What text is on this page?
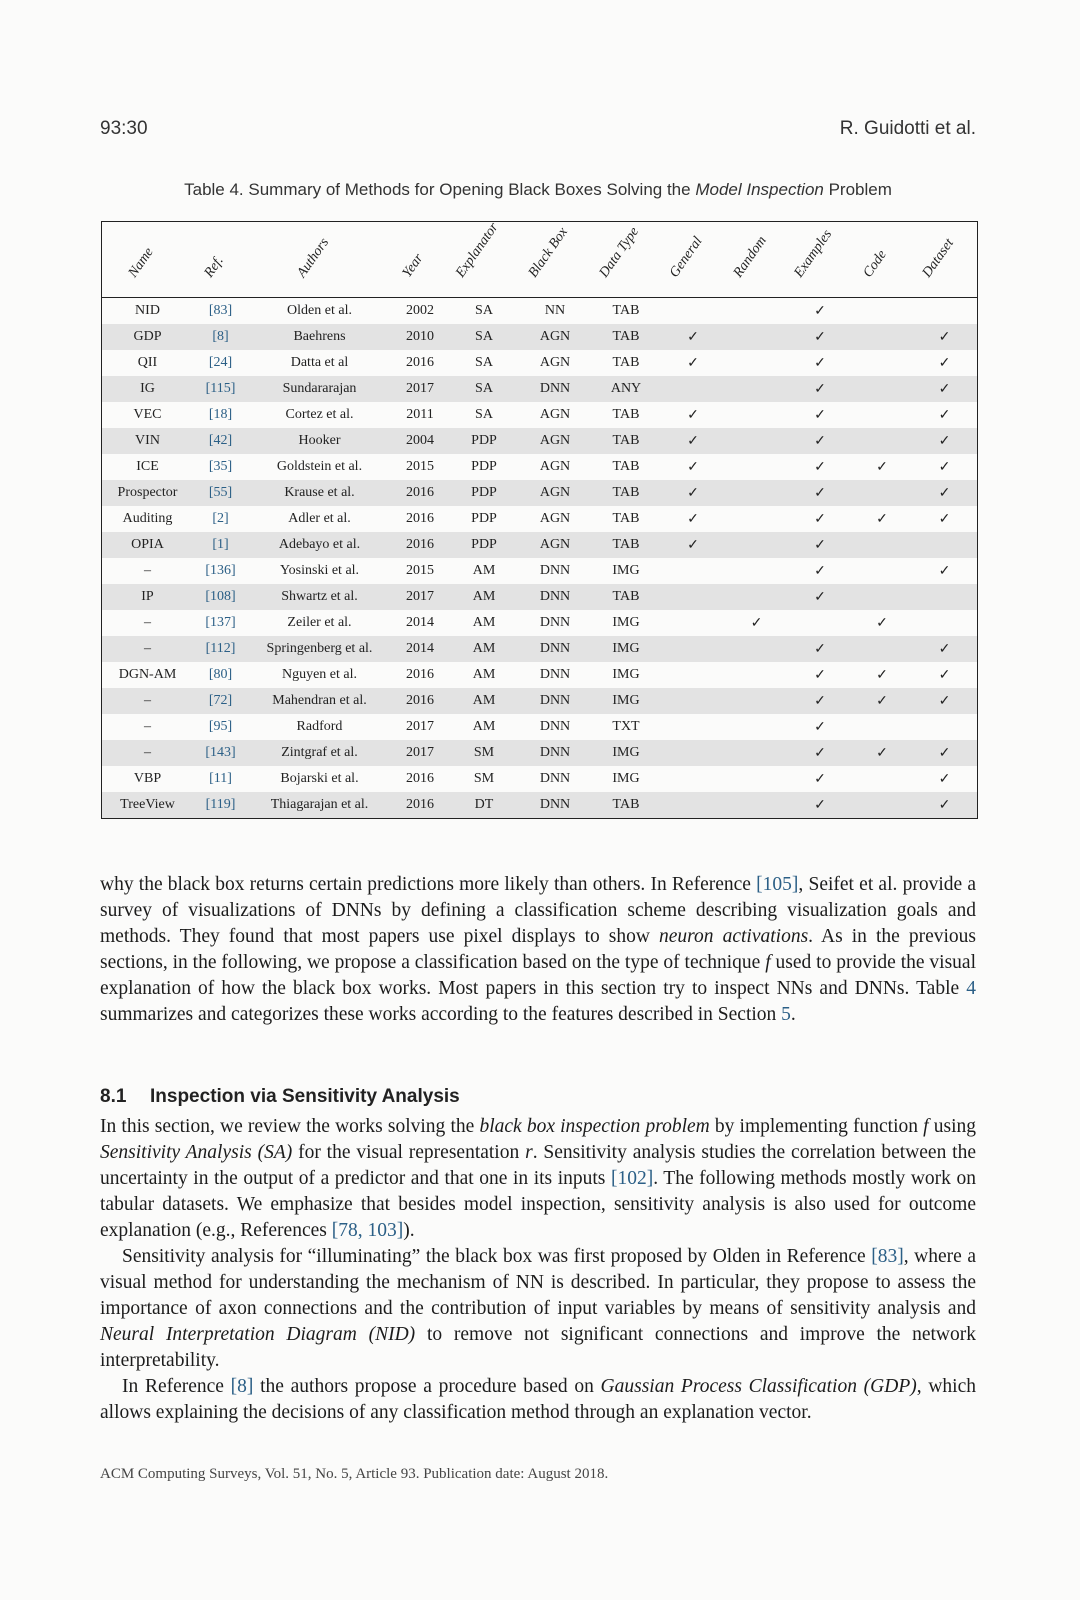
93:30	R. Guidotti et al.
Table 4. Summary of Methods for Opening Black Boxes Solving the Model Inspection Problem
Name	Ref.	Authors	Year	Explanator	Black Box	Data Type	General	Random	Examples	Code	Dataset

NID	[83]	Olden et al.	2002	SA	NN	TAB			✓		
GDP	[8]	Baehrens	2010	SA	AGN	TAB	✓		✓		✓
QII	[24]	Datta et al	2016	SA	AGN	TAB	✓		✓		✓
IG	[115]	Sundararajan	2017	SA	DNN	ANY			✓		✓
VEC	[18]	Cortez et al.	2011	SA	AGN	TAB	✓		✓		✓
VIN	[42]	Hooker	2004	PDP	AGN	TAB	✓		✓		✓
ICE	[35]	Goldstein et al.	2015	PDP	AGN	TAB	✓		✓	✓	✓
Prospector	[55]	Krause et al.	2016	PDP	AGN	TAB	✓		✓		✓
Auditing	[2]	Adler et al.	2016	PDP	AGN	TAB	✓		✓	✓	✓
OPIA	[1]	Adebayo et al.	2016	PDP	AGN	TAB	✓		✓		
–	[136]	Yosinski et al.	2015	AM	DNN	IMG			✓		✓
IP	[108]	Shwartz et al.	2017	AM	DNN	TAB			✓		
–	[137]	Zeiler et al.	2014	AM	DNN	IMG		✓		✓	
–	[112]	Springenberg et al.	2014	AM	DNN	IMG			✓		✓
DGN-AM	[80]	Nguyen et al.	2016	AM	DNN	IMG			✓	✓	✓
–	[72]	Mahendran et al.	2016	AM	DNN	IMG			✓	✓	✓
–	[95]	Radford	2017	AM	DNN	TXT			✓		
–	[143]	Zintgraf et al.	2017	SM	DNN	IMG			✓	✓	✓
VBP	[11]	Bojarski et al.	2016	SM	DNN	IMG			✓		✓
TreeView	[119]	Thiagarajan et al.	2016	DT	DNN	TAB			✓		✓

why the black box returns certain predictions more likely than others. In Reference [105], Seifet et al. provide a survey of visualizations of DNNs by defining a classification scheme describing visualization goals and methods. They found that most papers use pixel displays to show neuron activations. As in the previous sections, in the following, we propose a classification based on the type of technique f used to provide the visual explanation of how the black box works. Most papers in this section try to inspect NNs and DNNs. Table 4 summarizes and categorizes these works according to the features described in Section 5.

8.1 Inspection via Sensitivity Analysis

In this section, we review the works solving the black box inspection problem by implementing function f using Sensitivity Analysis (SA) for the visual representation r. Sensitivity analysis studies the correlation between the uncertainty in the output of a predictor and that one in its inputs [102]. The following methods mostly work on tabular datasets. We emphasize that besides model inspection, sensitivity analysis is also used for outcome explanation (e.g., References [78, 103]).

Sensitivity analysis for “illuminating” the black box was first proposed by Olden in Reference [83], where a visual method for understanding the mechanism of NN is described. In particular, they propose to assess the importance of axon connections and the contribution of input variables by means of sensitivity analysis and Neural Interpretation Diagram (NID) to remove not significant connections and improve the network interpretability.

In Reference [8] the authors propose a procedure based on Gaussian Process Classification (GDP), which allows explaining the decisions of any classification method through an explanation vector.

ACM Computing Surveys, Vol. 51, No. 5, Article 93. Publication date: August 2018.
